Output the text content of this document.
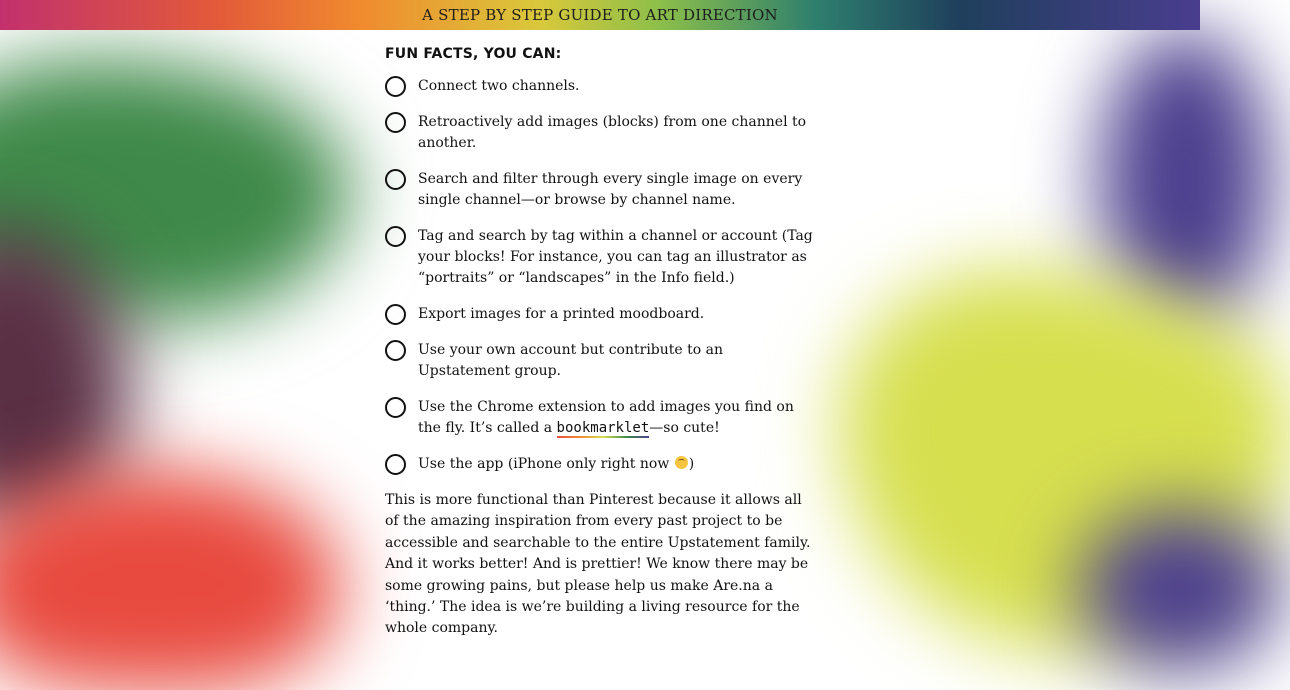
A STEP BY STEP GUIDE TO ART DIRECTION
FUN FACTS, YOU CAN:
Connect two channels.
Retroactively add images (blocks) from one channel to another.
Search and filter through every single image on every single channel—or browse by channel name.
Tag and search by tag within a channel or account (Tag your blocks! For instance, you can tag an illustrator as “portraits” or “landscapes” in the Info field.)
Export images for a printed moodboard.
Use your own account but contribute to an Upstatement group.
Use the Chrome extension to add images you find on the fly. It’s called a bookmarklet—so cute!
Use the app (iPhone only right now )

This is more functional than Pinterest because it allows all of the amazing inspiration from every past project to be accessible and searchable to the entire Upstatement family. And it works better! And is prettier! We know there may be some growing pains, but please help us make Are.na a ‘thing.’ The idea is we’re building a living resource for the whole company.
